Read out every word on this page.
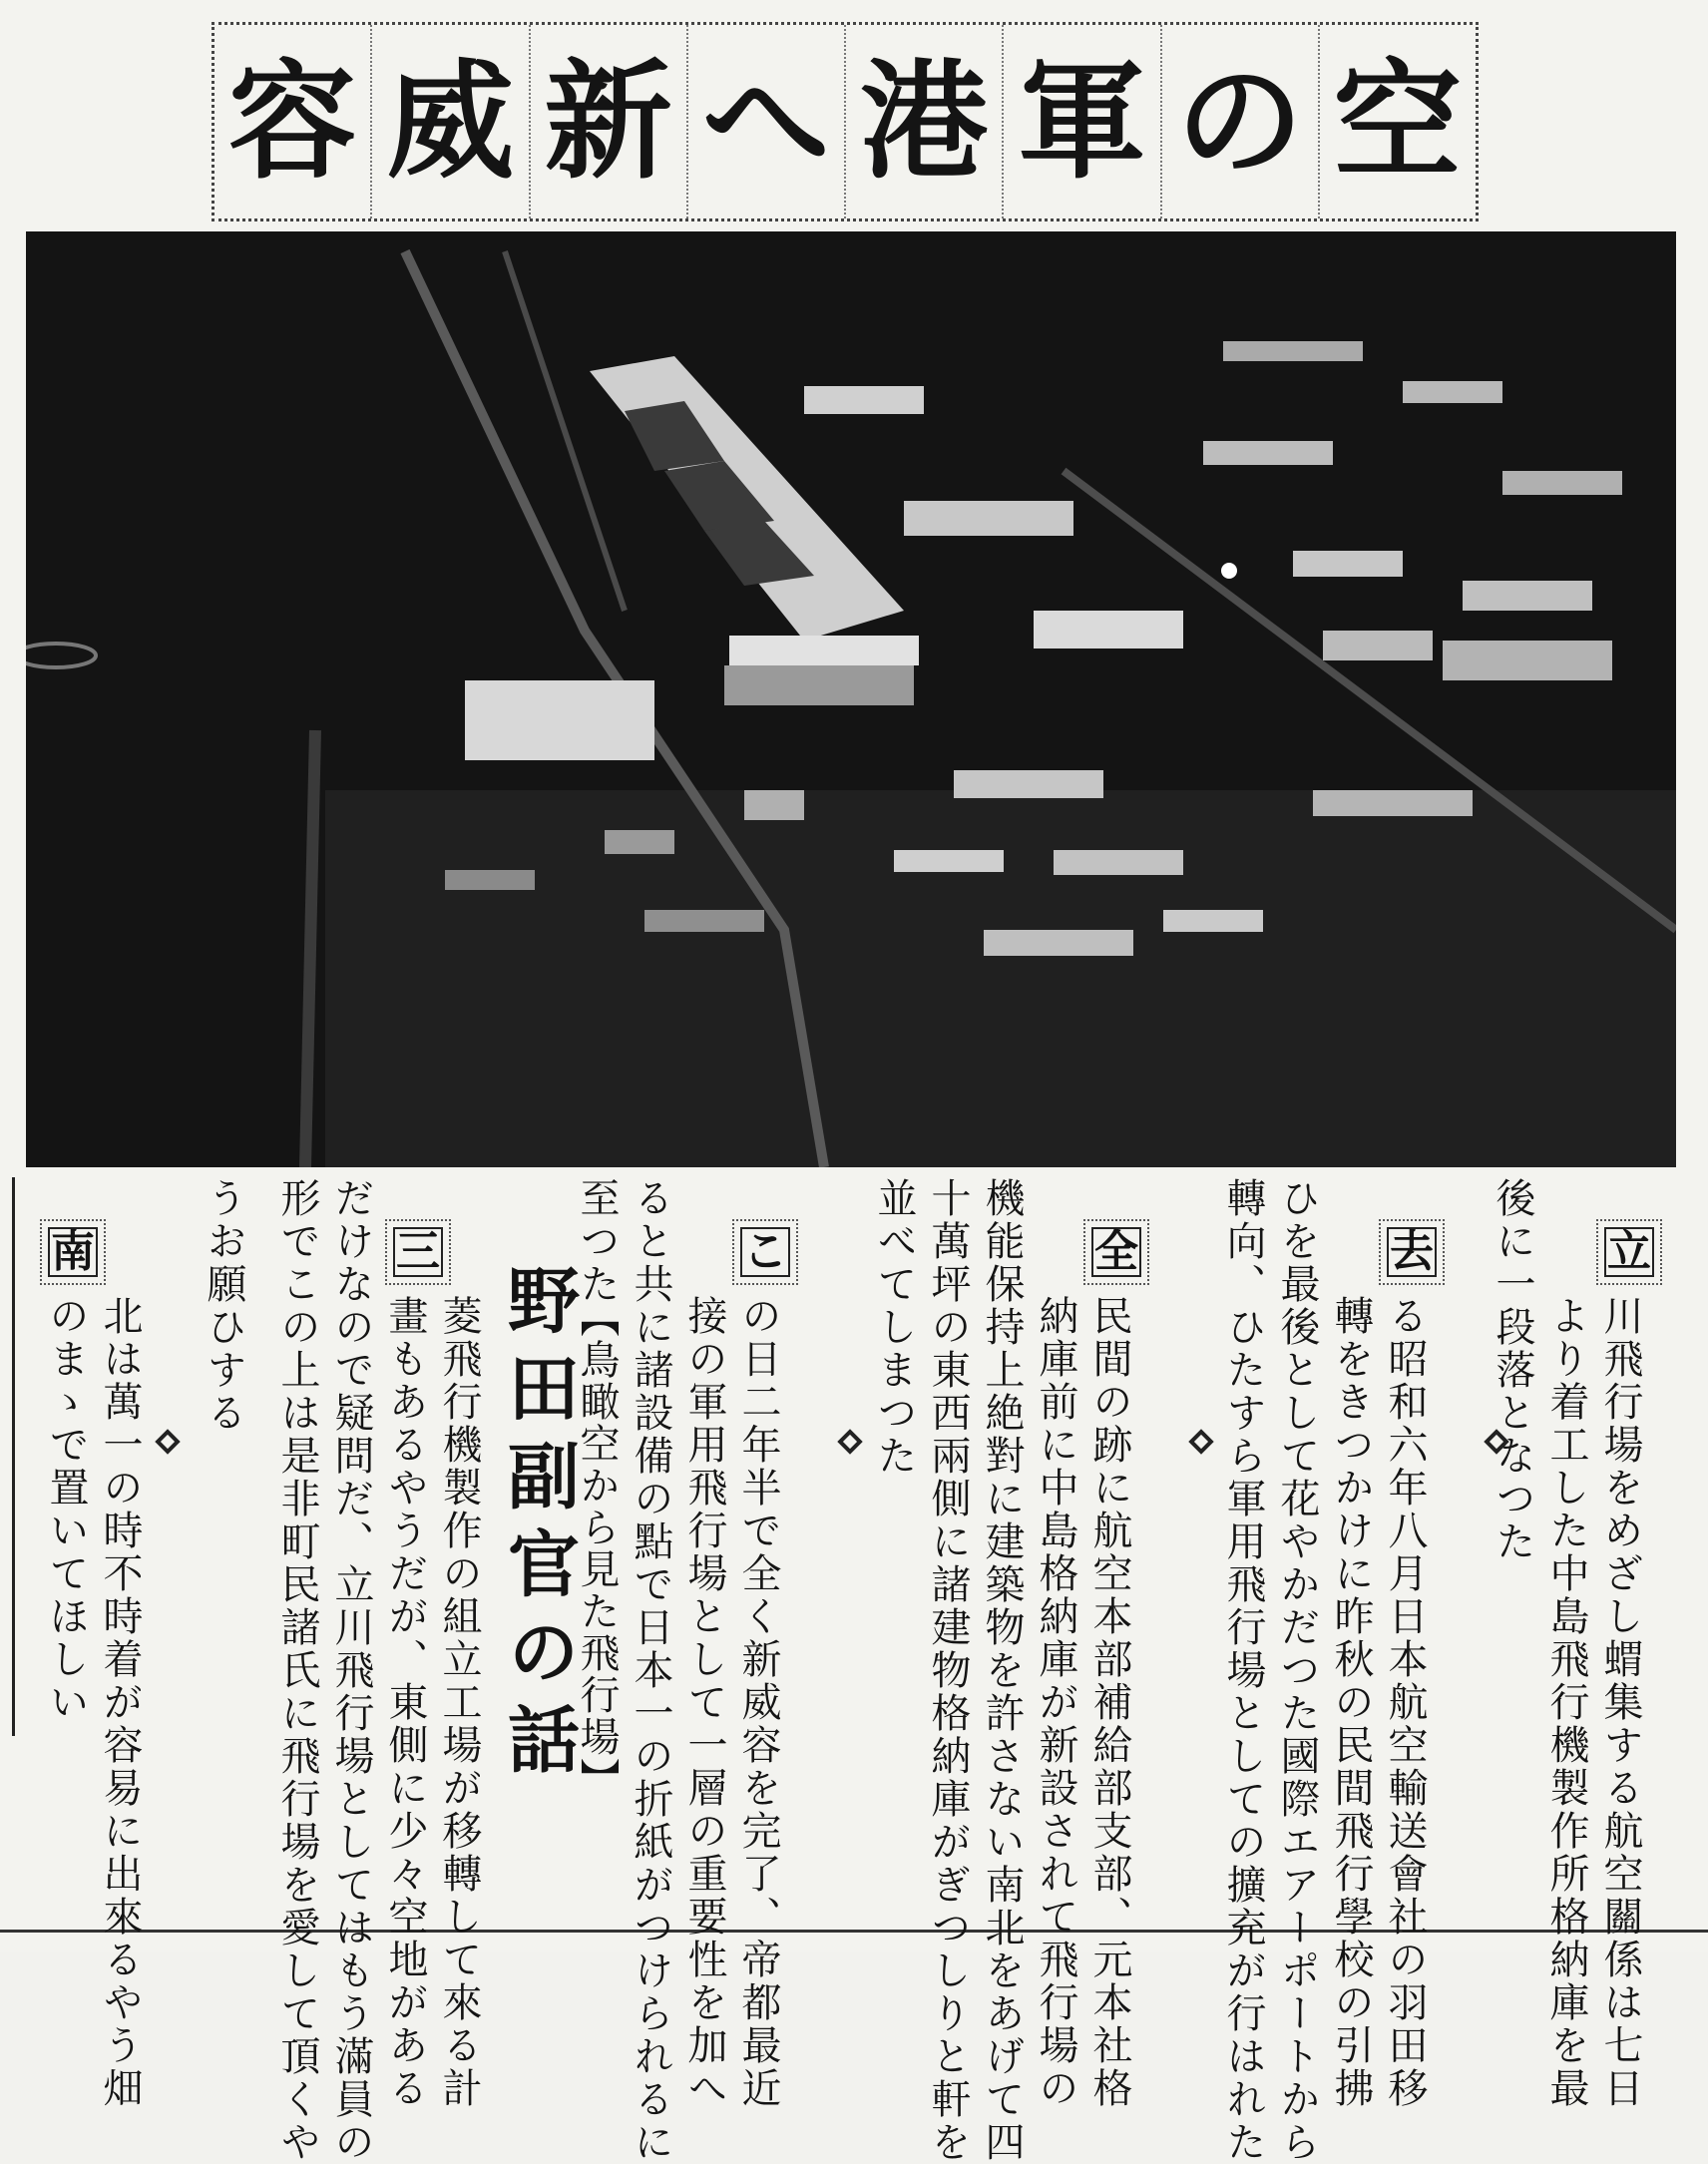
空
の
軍
港
へ
新
威
容
立

川飛行場をめざし蝟集する航空關係は七日

より着工した中島飛行機製作所格納庫を最

後に一段落となつた

去

る昭和六年八月日本航空輸送會社の羽田移

轉をきつかけに昨秋の民間飛行學校の引拂

ひを最後として花やかだつた國際エアーポートから

轉向、ひたすら軍用飛行場としての擴充が行はれた

全

民間の跡に航空本部補給部支部、元本社格

納庫前に中島格納庫が新設されて飛行場の

機能保持上絶對に建築物を許さない南北をあげて四

十萬坪の東西兩側に諸建物格納庫がぎつしりと軒を

並べてしまつた

こ

の日二年半で全く新威容を完了、帝都最近

接の軍用飛行場として一層の重要性を加へ

ると共に諸設備の點で日本一の折紙がつけられるに

至つた

【鳥瞰空から見た飛行場】

野田副官の話
三

菱飛行機製作の組立工場が移轉して來る計

畫もあるやうだが、東側に少々空地がある

だけなので疑問だ、立川飛行場としてはもう滿員の

形でこの上は是非町民諸氏に飛行場を愛して頂くや

うお願ひする

南

北は萬一の時不時着が容易に出來るやう畑

のまゝで置いてほしい
